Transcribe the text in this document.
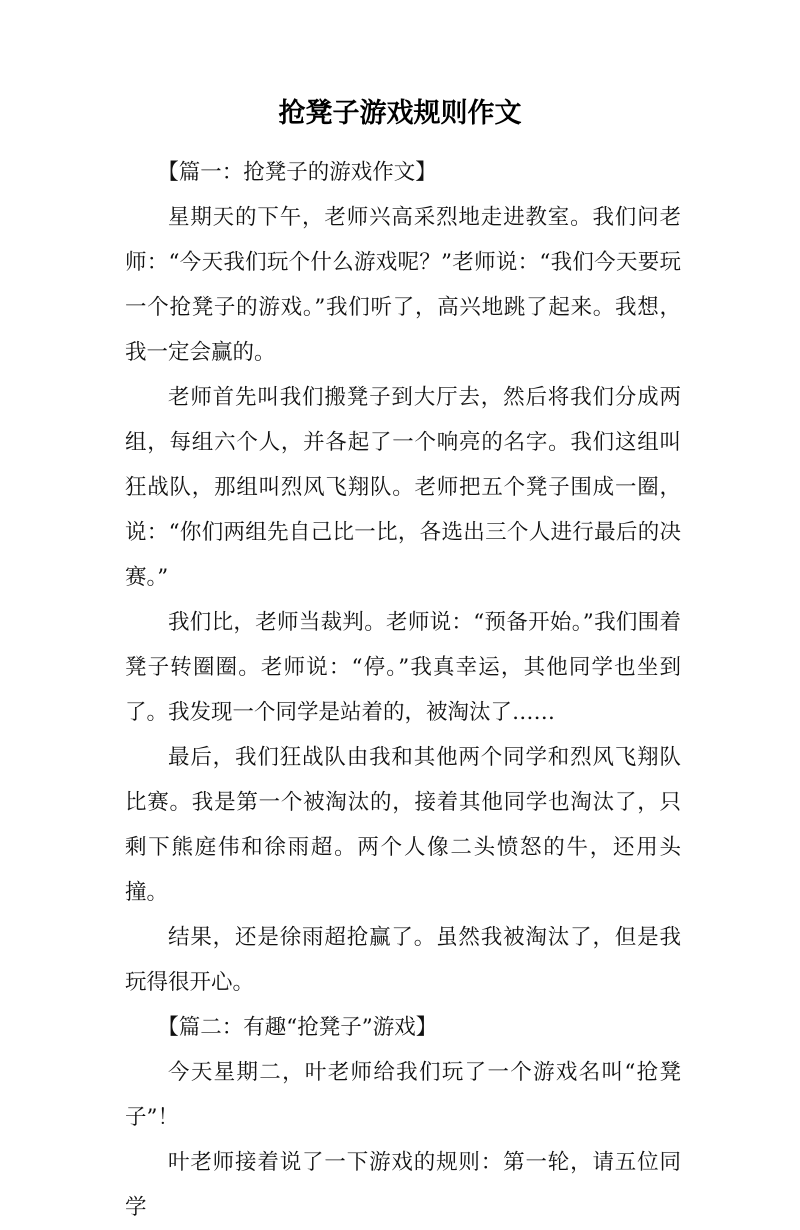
抢凳子游戏规则作文

【篇一：抢凳子的游戏作文】

星期天的下午，老师兴高采烈地走进教室。我们问老师：“今天我们玩个什么游戏呢？”老师说：“我们今天要玩一个抢凳子的游戏。”我们听了，高兴地跳了起来。我想，我一定会赢的。

老师首先叫我们搬凳子到大厅去，然后将我们分成两组，每组六个人，并各起了一个响亮的名字。我们这组叫狂战队，那组叫烈风飞翔队。老师把五个凳子围成一圈，说：“你们两组先自己比一比，各选出三个人进行最后的决赛。”

我们比，老师当裁判。老师说：“预备开始。”我们围着凳子转圈圈。老师说：“停。”我真幸运，其他同学也坐到了。我发现一个同学是站着的，被淘汰了……

最后，我们狂战队由我和其他两个同学和烈风飞翔队比赛。我是第一个被淘汰的，接着其他同学也淘汰了，只剩下熊庭伟和徐雨超。两个人像二头愤怒的牛，还用头撞。

结果，还是徐雨超抢赢了。虽然我被淘汰了，但是我玩得很开心。

【篇二：有趣“抢凳子”游戏】

今天星期二，叶老师给我们玩了一个游戏名叫“抢凳子”！

叶老师接着说了一下游戏的规则：第一轮，请五位同学
